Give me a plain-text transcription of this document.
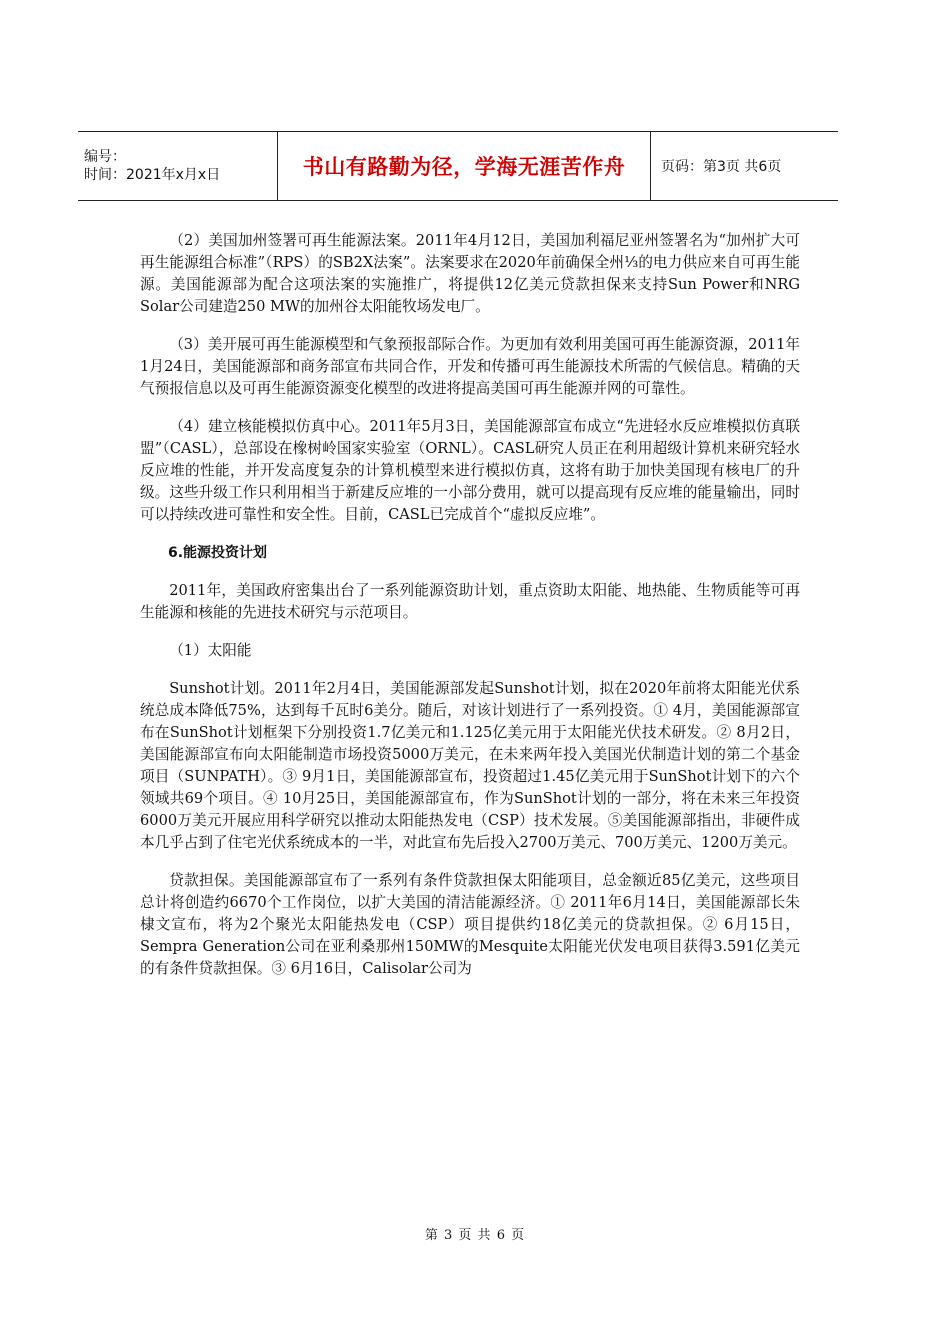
编号：
时间：2021年x月x日	书山有路勤为径，学海无涯苦作舟	页码：第3页 共6页

（2）美国加州签署可再生能源法案。2011年4月12日，美国加利福尼亚州签署名为“加州扩大可再生能源组合标准”（RPS）的SB2X法案”。法案要求在2020年前确保全州⅓的电力供应来自可再生能源。美国能源部为配合这项法案的实施推广，将提供12亿美元贷款担保来支持Sun Power和NRG Solar公司建造250 MW的加州谷太阳能牧场发电厂。

（3）美开展可再生能源模型和气象预报部际合作。为更加有效利用美国可再生能源资源，2011年1月24日，美国能源部和商务部宣布共同合作，开发和传播可再生能源技术所需的气候信息。精确的天气预报信息以及可再生能源资源变化模型的改进将提高美国可再生能源并网的可靠性。

（4）建立核能模拟仿真中心。2011年5月3日，美国能源部宣布成立“先进轻水反应堆模拟仿真联盟”（CASL），总部设在橡树岭国家实验室（ORNL）。CASL研究人员正在利用超级计算机来研究轻水反应堆的性能，并开发高度复杂的计算机模型来进行模拟仿真，这将有助于加快美国现有核电厂的升级。这些升级工作只利用相当于新建反应堆的一小部分费用，就可以提高现有反应堆的能量输出，同时可以持续改进可靠性和安全性。目前，CASL已完成首个“虚拟反应堆”。

6.能源投资计划

2011年，美国政府密集出台了一系列能源资助计划，重点资助太阳能、地热能、生物质能等可再生能源和核能的先进技术研究与示范项目。

（1）太阳能

Sunshot计划。2011年2月4日，美国能源部发起Sunshot计划，拟在2020年前将太阳能光伏系统总成本降低75%，达到每千瓦时6美分。随后，对该计划进行了一系列投资。① 4月，美国能源部宣布在SunShot计划框架下分别投资1.7亿美元和1.125亿美元用于太阳能光伏技术研发。② 8月2日，美国能源部宣布向太阳能制造市场投资5000万美元，在未来两年投入美国光伏制造计划的第二个基金项目（SUNPATH）。③ 9月1日，美国能源部宣布，投资超过1.45亿美元用于SunShot计划下的六个领域共69个项目。④ 10月25日，美国能源部宣布，作为SunShot计划的一部分，将在未来三年投资6000万美元开展应用科学研究以推动太阳能热发电（CSP）技术发展。⑤美国能源部指出，非硬件成本几乎占到了住宅光伏系统成本的一半，对此宣布先后投入2700万美元、700万美元、1200万美元。

贷款担保。美国能源部宣布了一系列有条件贷款担保太阳能项目，总金额近85亿美元，这些项目总计将创造约6670个工作岗位，以扩大美国的清洁能源经济。① 2011年6月14日，美国能源部长朱棣文宣布，将为2个聚光太阳能热发电（CSP）项目提供约18亿美元的贷款担保。② 6月15日，Sempra Generation公司在亚利桑那州150MW的Mesquite太阳能光伏发电项目获得3.591亿美元的有条件贷款担保。③ 6月16日，Calisolar公司为

第 3 页 共 6 页
